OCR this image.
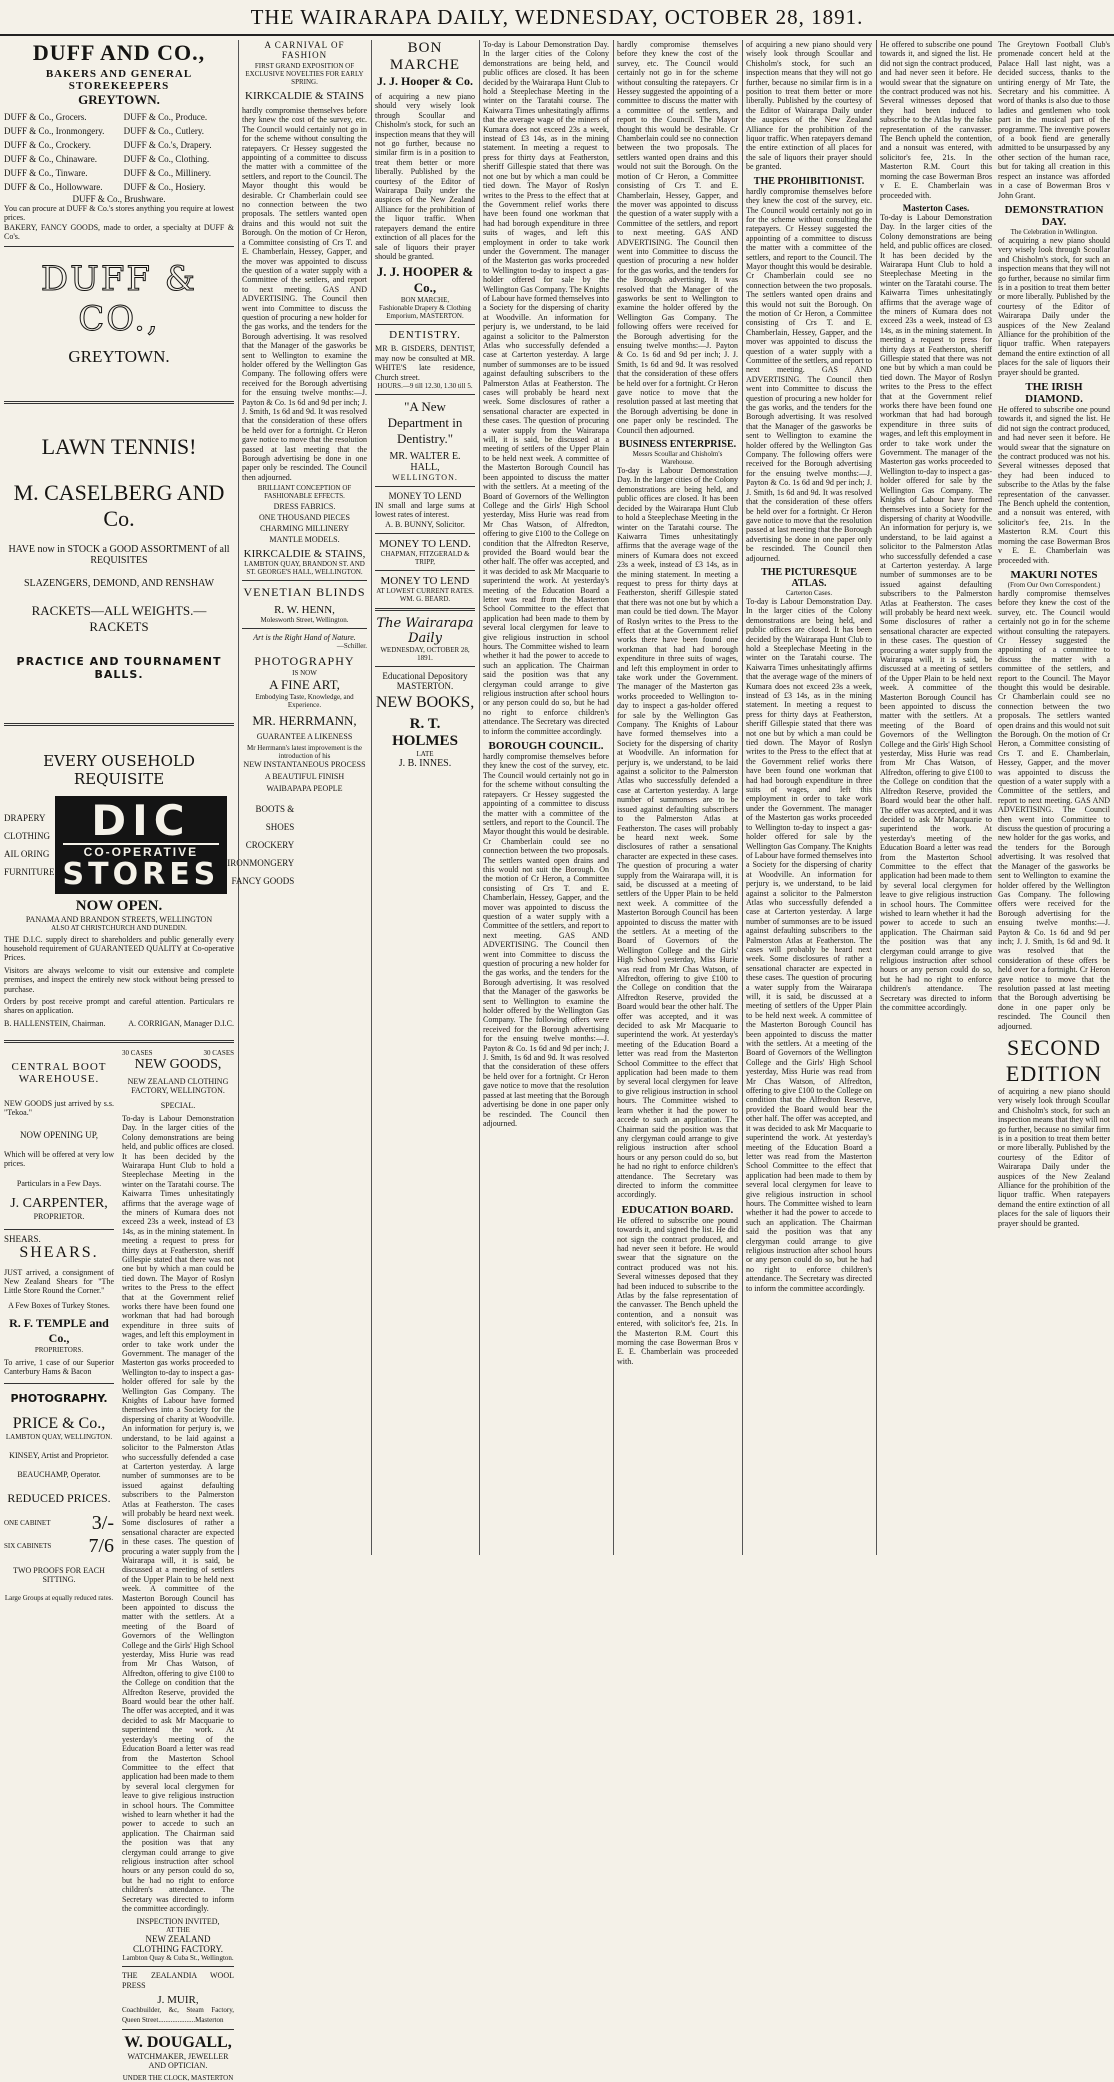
THE WAIRARAPA DAILY, WEDNESDAY, OCTOBER 28, 1891.
DUFF AND CO.,
BAKERS AND GENERAL STOREKEEPERS
GREYTOWN.
DUFF & Co., Grocers.
DUFF & Co., Ironmongery.
DUFF & Co., Crockery.
DUFF & Co., Chinaware.
DUFF & Co., Tinware.
DUFF & Co., Hollowware.
DUFF & Co., Produce.
DUFF & Co., Cutlery.
DUFF & Co.'s, Drapery.
DUFF & Co., Clothing.
DUFF & Co., Millinery.
DUFF & Co., Hosiery.
DUFF & Co., Brushware.
You can procure at DUFF & Co.'s stores anything you require at lowest prices.
BAKERY, FANCY GOODS, made to order, a specialty at DUFF & Co's.
DUFF & CO.,
GREYTOWN.
LAWN TENNIS!
M. CASELBERG AND Co.
HAVE now in STOCK a GOOD ASSORTMENT of all REQUISITES
SLAZENGERS, DEMOND, AND RENSHAW
RACKETS—ALL WEIGHTS.—RACKETS
PRACTICE AND TOURNAMENT BALLS.
EVERY OUSEHOLD REQUISITE
DRAPERY
CLOTHING
AIL ORING
FURNITURE
DIC
CO-OPERATIVE
STORES
BOOTS & SHOES
CROCKERY
IRONMONGERY
FANCY GOODS
NOW OPEN.
PANAMA AND BRANDON STREETS, WELLINGTON
ALSO AT CHRISTCHURCH AND DUNEDIN.
THE D.I.C. supply direct to shareholders and public generally every household requirement of GUARANTEED QUALITY at Co-operative Prices.
Visitors are always welcome to visit our extensive and complete premises, and inspect the entirely new stock without being pressed to purchase.
Orders by post receive prompt and careful attention. Particulars re shares on application.
B. HALLENSTEIN, Chairman.	A. CORRIGAN, Manager D.I.C.
CENTRAL BOOT WAREHOUSE.
NEW GOODS just arrived by s.s. "Tekoa."
NOW OPENING UP,
Which will be offered at very low prices.
Particulars in a Few Days.
J. CARPENTER,
PROPRIETOR.
SHEARS.
SHEARS.
JUST arrived, a consignment of New Zealand Shears for "The Little Store Round the Corner."
A Few Boxes of Turkey Stones.
R. F. TEMPLE and Co.,
PROPRIETORS.
To arrive, 1 case of our Superior Canterbury Hams & Bacon
PHOTOGRAPHY.
PRICE & Co.,
LAMBTON QUAY, WELLINGTON.
KINSEY, Artist and Proprietor.
BEAUCHAMP, Operator.
REDUCED PRICES.
ONE CABINET 3/-
SIX CABINETS 7/6
TWO PROOFS FOR EACH SITTING.
Large Groups at equally reduced rates.
30 CASES	30 CASES
NEW GOODS,
NEW ZEALAND CLOTHING FACTORY, WELLINGTON.
SPECIAL.
To-day is Labour Demonstration Day. In the larger cities of the Colony demonstrations are being held, and public offices are closed. It has been decided by the Wairarapa Hunt Club to hold a Steeplechase Meeting in the winter on the Taratahi course. The Kaiwarra Times unhesitatingly affirms that the average wage of the miners of Kumara does not exceed 23s a week, instead of £3 14s, as in the mining statement. In meeting a request to press for thirty days at Featherston, sheriff Gillespie stated that there was not one but by which a man could be tied down. The Mayor of Roslyn writes to the Press to the effect that at the Government relief works there have been found one workman that had had borough expenditure in three suits of wages, and left this employment in order to take work under the Government. The manager of the Masterton gas works proceeded to Wellington to-day to inspect a gas-holder offered for sale by the Wellington Gas Company. The Knights of Labour have formed themselves into a Society for the dispersing of charity at Woodville. An information for perjury is, we understand, to be laid against a solicitor to the Palmerston Atlas who successfully defended a case at Carterton yesterday. A large number of summonses are to be issued against defaulting subscribers to the Palmerston Atlas at Featherston. The cases will probably be heard next week. Some disclosures of rather a sensational character are expected in these cases. The question of procuring a water supply from the Wairarapa will, it is said, be discussed at a meeting of settlers of the Upper Plain to be held next week. A committee of the Masterton Borough Council has been appointed to discuss the matter with the settlers. At a meeting of the Board of Governors of the Wellington College and the Girls' High School yesterday, Miss Hurie was read from Mr Chas Watson, of Alfredton, offering to give £100 to the College on condition that the Alfredton Reserve, provided the Board would bear the other half. The offer was accepted, and it was decided to ask Mr Macquarie to superintend the work. At yesterday's meeting of the Education Board a letter was read from the Masterton School Committee to the effect that application had been made to them by several local clergymen for leave to give religious instruction in school hours. The Committee wished to learn whether it had the power to accede to such an application. The Chairman said the position was that any clergyman could arrange to give religious instruction after school hours or any person could do so, but he had no right to enforce children's attendance. The Secretary was directed to inform the committee accordingly.
INSPECTION INVITED,
AT THE
NEW ZEALAND CLOTHING FACTORY.
Lambton Quay & Cuba St., Wellington.
THE ZEALANDIA WOOL PRESS
J. MUIR,
Coachbuilder, &c, Steam Factory, Queen Street.....................Masterton
W. DOUGALL,
WATCHMAKER, JEWELLER AND OPTICIAN.
UNDER THE CLOCK, MASTERTON
A CARNIVAL OF FASHION
FIRST GRAND EXPOSITION OF EXCLUSIVE NOVELTIES FOR EARLY SPRING.
KIRKCALDIE & STAINS
hardly compromise themselves before they knew the cost of the survey, etc. The Council would certainly not go in for the scheme without consulting the ratepayers. Cr Hessey suggested the appointing of a committee to discuss the matter with a committee of the settlers, and report to the Council. The Mayor thought this would be desirable. Cr Chamberlain could see no connection between the two proposals. The settlers wanted open drains and this would not suit the Borough. On the motion of Cr Heron, a Committee consisting of Crs T. and E. Chamberlain, Hessey, Gapper, and the mover was appointed to discuss the question of a water supply with a Committee of the settlers, and report to next meeting. GAS AND ADVERTISING. The Council then went into Committee to discuss the question of procuring a new holder for the gas works, and the tenders for the Borough advertising. It was resolved that the Manager of the gasworks be sent to Wellington to examine the holder offered by the Wellington Gas Company. The following offers were received for the Borough advertising for the ensuing twelve months:—J. Payton & Co. 1s 6d and 9d per inch; J. J. Smith, 1s 6d and 9d. It was resolved that the consideration of these offers be held over for a fortnight. Cr Heron gave notice to move that the resolution passed at last meeting that the Borough advertising be done in one paper only be rescinded. The Council then adjourned.
BRILLIANT CONCEPTION OF FASHIONABLE EFFECTS.
DRESS FABRICS.
ONE THOUSAND PIECES
CHARMING MILLINERY
MANTLE MODELS.
KIRKCALDIE & STAINS,
LAMBTON QUAY, BRANDON ST. AND ST. GEORGE'S HALL, WELLINGTON.
VENETIAN BLINDS
R. W. HENN,
Molesworth Street, Wellington.
Art is the Right Hand of Nature.
—Schiller.
PHOTOGRAPHY
IS NOW
A FINE ART,
Embodying Taste, Knowledge, and Experience.
MR. HERRMANN,
GUARANTEE A LIKENESS
Mr Herrmann's latest improvement is the introduction of his
NEW INSTANTANEOUS PROCESS
A BEAUTIFUL FINISH
WAIBAPAPA PEOPLE
BON MARCHE
J. J. Hooper & Co.
of acquiring a new piano should very wisely look through Scoullar and Chisholm's stock, for such an inspection means that they will not go further, because no similar firm is in a position to treat them better or more liberally. Published by the courtesy of the Editor of Wairarapa Daily under the auspices of the New Zealand Alliance for the prohibition of the liquor traffic. When ratepayers demand the entire extinction of all places for the sale of liquors their prayer should be granted.
J. J. HOOPER & Co.,
BON MARCHE,
Fashionable Drapery & Clothing Emporium, MASTERTON.
DENTISTRY.
MR B. GISDERS, DENTIST, may now be consulted at MR. WHITE'S late residence, Church street.
HOURS.—9 till 12.30, 1.30 till 5.
"A New Department in Dentistry."
MR. WALTER E. HALL,
WELLINGTON.
MONEY TO LEND
IN small and large sums at lowest rates of interest.
A. B. BUNNY, Solicitor.
MONEY TO LEND.
CHAPMAN, FITZGERALD & TRIPP,
MONEY TO LEND
AT LOWEST CURRENT RATES.
WM. G. BEARD.
The Wairarapa Daily
WEDNESDAY, OCTOBER 28, 1891.
Educational Depository MASTERTON.
NEW BOOKS,
R. T. HOLMES
LATE
J. B. INNES.
To-day is Labour Demonstration Day. In the larger cities of the Colony demonstrations are being held, and public offices are closed. It has been decided by the Wairarapa Hunt Club to hold a Steeplechase Meeting in the winter on the Taratahi course. The Kaiwarra Times unhesitatingly affirms that the average wage of the miners of Kumara does not exceed 23s a week, instead of £3 14s, as in the mining statement. In meeting a request to press for thirty days at Featherston, sheriff Gillespie stated that there was not one but by which a man could be tied down. The Mayor of Roslyn writes to the Press to the effect that at the Government relief works there have been found one workman that had had borough expenditure in three suits of wages, and left this employment in order to take work under the Government. The manager of the Masterton gas works proceeded to Wellington to-day to inspect a gas-holder offered for sale by the Wellington Gas Company. The Knights of Labour have formed themselves into a Society for the dispersing of charity at Woodville. An information for perjury is, we understand, to be laid against a solicitor to the Palmerston Atlas who successfully defended a case at Carterton yesterday. A large number of summonses are to be issued against defaulting subscribers to the Palmerston Atlas at Featherston. The cases will probably be heard next week. Some disclosures of rather a sensational character are expected in these cases. The question of procuring a water supply from the Wairarapa will, it is said, be discussed at a meeting of settlers of the Upper Plain to be held next week. A committee of the Masterton Borough Council has been appointed to discuss the matter with the settlers. At a meeting of the Board of Governors of the Wellington College and the Girls' High School yesterday, Miss Hurie was read from Mr Chas Watson, of Alfredton, offering to give £100 to the College on condition that the Alfredton Reserve, provided the Board would bear the other half. The offer was accepted, and it was decided to ask Mr Macquarie to superintend the work. At yesterday's meeting of the Education Board a letter was read from the Masterton School Committee to the effect that application had been made to them by several local clergymen for leave to give religious instruction in school hours. The Committee wished to learn whether it had the power to accede to such an application. The Chairman said the position was that any clergyman could arrange to give religious instruction after school hours or any person could do so, but he had no right to enforce children's attendance. The Secretary was directed to inform the committee accordingly.
BOROUGH COUNCIL.
hardly compromise themselves before they knew the cost of the survey, etc. The Council would certainly not go in for the scheme without consulting the ratepayers. Cr Hessey suggested the appointing of a committee to discuss the matter with a committee of the settlers, and report to the Council. The Mayor thought this would be desirable. Cr Chamberlain could see no connection between the two proposals. The settlers wanted open drains and this would not suit the Borough. On the motion of Cr Heron, a Committee consisting of Crs T. and E. Chamberlain, Hessey, Gapper, and the mover was appointed to discuss the question of a water supply with a Committee of the settlers, and report to next meeting. GAS AND ADVERTISING. The Council then went into Committee to discuss the question of procuring a new holder for the gas works, and the tenders for the Borough advertising. It was resolved that the Manager of the gasworks be sent to Wellington to examine the holder offered by the Wellington Gas Company. The following offers were received for the Borough advertising for the ensuing twelve months:—J. Payton & Co. 1s 6d and 9d per inch; J. J. Smith, 1s 6d and 9d. It was resolved that the consideration of these offers be held over for a fortnight. Cr Heron gave notice to move that the resolution passed at last meeting that the Borough advertising be done in one paper only be rescinded. The Council then adjourned.
hardly compromise themselves before they knew the cost of the survey, etc. The Council would certainly not go in for the scheme without consulting the ratepayers. Cr Hessey suggested the appointing of a committee to discuss the matter with a committee of the settlers, and report to the Council. The Mayor thought this would be desirable. Cr Chamberlain could see no connection between the two proposals. The settlers wanted open drains and this would not suit the Borough. On the motion of Cr Heron, a Committee consisting of Crs T. and E. Chamberlain, Hessey, Gapper, and the mover was appointed to discuss the question of a water supply with a Committee of the settlers, and report to next meeting. GAS AND ADVERTISING. The Council then went into Committee to discuss the question of procuring a new holder for the gas works, and the tenders for the Borough advertising. It was resolved that the Manager of the gasworks be sent to Wellington to examine the holder offered by the Wellington Gas Company. The following offers were received for the Borough advertising for the ensuing twelve months:—J. Payton & Co. 1s 6d and 9d per inch; J. J. Smith, 1s 6d and 9d. It was resolved that the consideration of these offers be held over for a fortnight. Cr Heron gave notice to move that the resolution passed at last meeting that the Borough advertising be done in one paper only be rescinded. The Council then adjourned.
BUSINESS ENTERPRISE.
Messrs Scoullar and Chisholm's Warehouse.
To-day is Labour Demonstration Day. In the larger cities of the Colony demonstrations are being held, and public offices are closed. It has been decided by the Wairarapa Hunt Club to hold a Steeplechase Meeting in the winter on the Taratahi course. The Kaiwarra Times unhesitatingly affirms that the average wage of the miners of Kumara does not exceed 23s a week, instead of £3 14s, as in the mining statement. In meeting a request to press for thirty days at Featherston, sheriff Gillespie stated that there was not one but by which a man could be tied down. The Mayor of Roslyn writes to the Press to the effect that at the Government relief works there have been found one workman that had had borough expenditure in three suits of wages, and left this employment in order to take work under the Government. The manager of the Masterton gas works proceeded to Wellington to-day to inspect a gas-holder offered for sale by the Wellington Gas Company. The Knights of Labour have formed themselves into a Society for the dispersing of charity at Woodville. An information for perjury is, we understand, to be laid against a solicitor to the Palmerston Atlas who successfully defended a case at Carterton yesterday. A large number of summonses are to be issued against defaulting subscribers to the Palmerston Atlas at Featherston. The cases will probably be heard next week. Some disclosures of rather a sensational character are expected in these cases. The question of procuring a water supply from the Wairarapa will, it is said, be discussed at a meeting of settlers of the Upper Plain to be held next week. A committee of the Masterton Borough Council has been appointed to discuss the matter with the settlers. At a meeting of the Board of Governors of the Wellington College and the Girls' High School yesterday, Miss Hurie was read from Mr Chas Watson, of Alfredton, offering to give £100 to the College on condition that the Alfredton Reserve, provided the Board would bear the other half. The offer was accepted, and it was decided to ask Mr Macquarie to superintend the work. At yesterday's meeting of the Education Board a letter was read from the Masterton School Committee to the effect that application had been made to them by several local clergymen for leave to give religious instruction in school hours. The Committee wished to learn whether it had the power to accede to such an application. The Chairman said the position was that any clergyman could arrange to give religious instruction after school hours or any person could do so, but he had no right to enforce children's attendance. The Secretary was directed to inform the committee accordingly.
EDUCATION BOARD.
He offered to subscribe one pound towards it, and signed the list. He did not sign the contract produced, and had never seen it before. He would swear that the signature on the contract produced was not his. Several witnesses deposed that they had been induced to subscribe to the Atlas by the false representation of the canvasser. The Bench upheld the contention, and a nonsuit was entered, with solicitor's fee, 21s. In the Masterton R.M. Court this morning the case Bowerman Bros v E. E. Chamberlain was proceeded with.
of acquiring a new piano should very wisely look through Scoullar and Chisholm's stock, for such an inspection means that they will not go further, because no similar firm is in a position to treat them better or more liberally. Published by the courtesy of the Editor of Wairarapa Daily under the auspices of the New Zealand Alliance for the prohibition of the liquor traffic. When ratepayers demand the entire extinction of all places for the sale of liquors their prayer should be granted.
THE PROHIBITIONIST.
hardly compromise themselves before they knew the cost of the survey, etc. The Council would certainly not go in for the scheme without consulting the ratepayers. Cr Hessey suggested the appointing of a committee to discuss the matter with a committee of the settlers, and report to the Council. The Mayor thought this would be desirable. Cr Chamberlain could see no connection between the two proposals. The settlers wanted open drains and this would not suit the Borough. On the motion of Cr Heron, a Committee consisting of Crs T. and E. Chamberlain, Hessey, Gapper, and the mover was appointed to discuss the question of a water supply with a Committee of the settlers, and report to next meeting. GAS AND ADVERTISING. The Council then went into Committee to discuss the question of procuring a new holder for the gas works, and the tenders for the Borough advertising. It was resolved that the Manager of the gasworks be sent to Wellington to examine the holder offered by the Wellington Gas Company. The following offers were received for the Borough advertising for the ensuing twelve months:—J. Payton & Co. 1s 6d and 9d per inch; J. J. Smith, 1s 6d and 9d. It was resolved that the consideration of these offers be held over for a fortnight. Cr Heron gave notice to move that the resolution passed at last meeting that the Borough advertising be done in one paper only be rescinded. The Council then adjourned.
THE PICTURESQUE ATLAS.
Carterton Cases.
To-day is Labour Demonstration Day. In the larger cities of the Colony demonstrations are being held, and public offices are closed. It has been decided by the Wairarapa Hunt Club to hold a Steeplechase Meeting in the winter on the Taratahi course. The Kaiwarra Times unhesitatingly affirms that the average wage of the miners of Kumara does not exceed 23s a week, instead of £3 14s, as in the mining statement. In meeting a request to press for thirty days at Featherston, sheriff Gillespie stated that there was not one but by which a man could be tied down. The Mayor of Roslyn writes to the Press to the effect that at the Government relief works there have been found one workman that had had borough expenditure in three suits of wages, and left this employment in order to take work under the Government. The manager of the Masterton gas works proceeded to Wellington to-day to inspect a gas-holder offered for sale by the Wellington Gas Company. The Knights of Labour have formed themselves into a Society for the dispersing of charity at Woodville. An information for perjury is, we understand, to be laid against a solicitor to the Palmerston Atlas who successfully defended a case at Carterton yesterday. A large number of summonses are to be issued against defaulting subscribers to the Palmerston Atlas at Featherston. The cases will probably be heard next week. Some disclosures of rather a sensational character are expected in these cases. The question of procuring a water supply from the Wairarapa will, it is said, be discussed at a meeting of settlers of the Upper Plain to be held next week. A committee of the Masterton Borough Council has been appointed to discuss the matter with the settlers. At a meeting of the Board of Governors of the Wellington College and the Girls' High School yesterday, Miss Hurie was read from Mr Chas Watson, of Alfredton, offering to give £100 to the College on condition that the Alfredton Reserve, provided the Board would bear the other half. The offer was accepted, and it was decided to ask Mr Macquarie to superintend the work. At yesterday's meeting of the Education Board a letter was read from the Masterton School Committee to the effect that application had been made to them by several local clergymen for leave to give religious instruction in school hours. The Committee wished to learn whether it had the power to accede to such an application. The Chairman said the position was that any clergyman could arrange to give religious instruction after school hours or any person could do so, but he had no right to enforce children's attendance. The Secretary was directed to inform the committee accordingly.
He offered to subscribe one pound towards it, and signed the list. He did not sign the contract produced, and had never seen it before. He would swear that the signature on the contract produced was not his. Several witnesses deposed that they had been induced to subscribe to the Atlas by the false representation of the canvasser. The Bench upheld the contention, and a nonsuit was entered, with solicitor's fee, 21s. In the Masterton R.M. Court this morning the case Bowerman Bros v E. E. Chamberlain was proceeded with.
Masterton Cases.
To-day is Labour Demonstration Day. In the larger cities of the Colony demonstrations are being held, and public offices are closed. It has been decided by the Wairarapa Hunt Club to hold a Steeplechase Meeting in the winter on the Taratahi course. The Kaiwarra Times unhesitatingly affirms that the average wage of the miners of Kumara does not exceed 23s a week, instead of £3 14s, as in the mining statement. In meeting a request to press for thirty days at Featherston, sheriff Gillespie stated that there was not one but by which a man could be tied down. The Mayor of Roslyn writes to the Press to the effect that at the Government relief works there have been found one workman that had had borough expenditure in three suits of wages, and left this employment in order to take work under the Government. The manager of the Masterton gas works proceeded to Wellington to-day to inspect a gas-holder offered for sale by the Wellington Gas Company. The Knights of Labour have formed themselves into a Society for the dispersing of charity at Woodville. An information for perjury is, we understand, to be laid against a solicitor to the Palmerston Atlas who successfully defended a case at Carterton yesterday. A large number of summonses are to be issued against defaulting subscribers to the Palmerston Atlas at Featherston. The cases will probably be heard next week. Some disclosures of rather a sensational character are expected in these cases. The question of procuring a water supply from the Wairarapa will, it is said, be discussed at a meeting of settlers of the Upper Plain to be held next week. A committee of the Masterton Borough Council has been appointed to discuss the matter with the settlers. At a meeting of the Board of Governors of the Wellington College and the Girls' High School yesterday, Miss Hurie was read from Mr Chas Watson, of Alfredton, offering to give £100 to the College on condition that the Alfredton Reserve, provided the Board would bear the other half. The offer was accepted, and it was decided to ask Mr Macquarie to superintend the work. At yesterday's meeting of the Education Board a letter was read from the Masterton School Committee to the effect that application had been made to them by several local clergymen for leave to give religious instruction in school hours. The Committee wished to learn whether it had the power to accede to such an application. The Chairman said the position was that any clergyman could arrange to give religious instruction after school hours or any person could do so, but he had no right to enforce children's attendance. The Secretary was directed to inform the committee accordingly.
The Greytown Football Club's promenade concert held at the Palace Hall last night, was a decided success, thanks to the untiring energy of Mr Tate, the Secretary and his committee. A word of thanks is also due to those ladies and gentlemen who took part in the musical part of the programme. The inventive powers of a book fiend are generally admitted to be unsurpassed by any other section of the human race, but for taking all creation in this respect an instance was afforded in a case of Bowerman Bros v John Grant.
DEMONSTRATION DAY.
The Celebration in Wellington.
of acquiring a new piano should very wisely look through Scoullar and Chisholm's stock, for such an inspection means that they will not go further, because no similar firm is in a position to treat them better or more liberally. Published by the courtesy of the Editor of Wairarapa Daily under the auspices of the New Zealand Alliance for the prohibition of the liquor traffic. When ratepayers demand the entire extinction of all places for the sale of liquors their prayer should be granted.
THE IRISH DIAMOND.
He offered to subscribe one pound towards it, and signed the list. He did not sign the contract produced, and had never seen it before. He would swear that the signature on the contract produced was not his. Several witnesses deposed that they had been induced to subscribe to the Atlas by the false representation of the canvasser. The Bench upheld the contention, and a nonsuit was entered, with solicitor's fee, 21s. In the Masterton R.M. Court this morning the case Bowerman Bros v E. E. Chamberlain was proceeded with.
MAKURI NOTES
(From Our Own Correspondent.)
hardly compromise themselves before they knew the cost of the survey, etc. The Council would certainly not go in for the scheme without consulting the ratepayers. Cr Hessey suggested the appointing of a committee to discuss the matter with a committee of the settlers, and report to the Council. The Mayor thought this would be desirable. Cr Chamberlain could see no connection between the two proposals. The settlers wanted open drains and this would not suit the Borough. On the motion of Cr Heron, a Committee consisting of Crs T. and E. Chamberlain, Hessey, Gapper, and the mover was appointed to discuss the question of a water supply with a Committee of the settlers, and report to next meeting. GAS AND ADVERTISING. The Council then went into Committee to discuss the question of procuring a new holder for the gas works, and the tenders for the Borough advertising. It was resolved that the Manager of the gasworks be sent to Wellington to examine the holder offered by the Wellington Gas Company. The following offers were received for the Borough advertising for the ensuing twelve months:—J. Payton & Co. 1s 6d and 9d per inch; J. J. Smith, 1s 6d and 9d. It was resolved that the consideration of these offers be held over for a fortnight. Cr Heron gave notice to move that the resolution passed at last meeting that the Borough advertising be done in one paper only be rescinded. The Council then adjourned.
SECOND EDITION
of acquiring a new piano should very wisely look through Scoullar and Chisholm's stock, for such an inspection means that they will not go further, because no similar firm is in a position to treat them better or more liberally. Published by the courtesy of the Editor of Wairarapa Daily under the auspices of the New Zealand Alliance for the prohibition of the liquor traffic. When ratepayers demand the entire extinction of all places for the sale of liquors their prayer should be granted.
